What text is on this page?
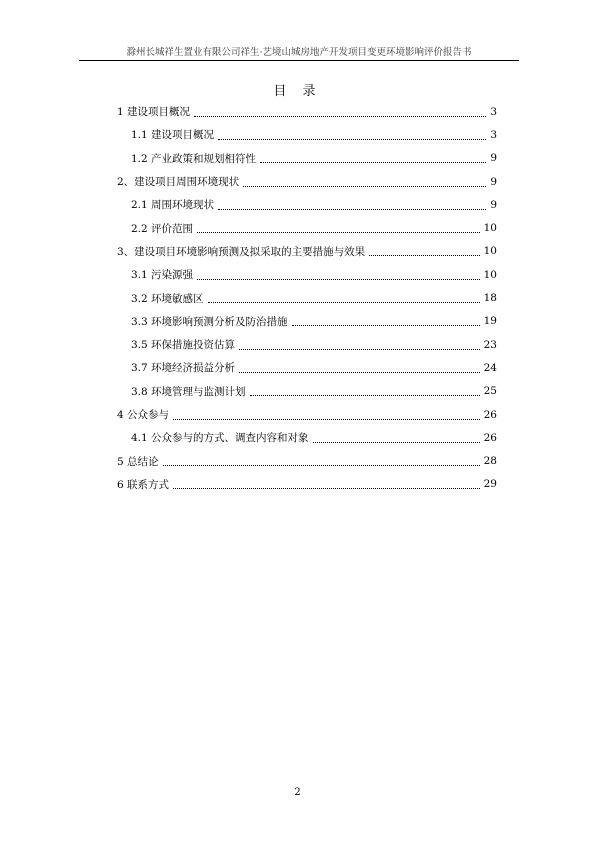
滁州长城祥生置业有限公司祥生·艺境山城房地产开发项目变更环境影响评价报告书
目 录
1 建设项目概况	3
1.1 建设项目概况	3
1.2 产业政策和规划相符性	9
2、建设项目周围环境现状	9
2.1 周围环境现状	9
2.2 评价范围	10
3、建设项目环境影响预测及拟采取的主要措施与效果	10
3.1 污染源强	10
3.2 环境敏感区	18
3.3 环境影响预测分析及防治措施	19
3.5 环保措施投资估算	23
3.7 环境经济损益分析	24
3.8 环境管理与监测计划	25
4 公众参与	26
4.1 公众参与的方式、调查内容和对象	26
5 总结论	28
6 联系方式	29
2
